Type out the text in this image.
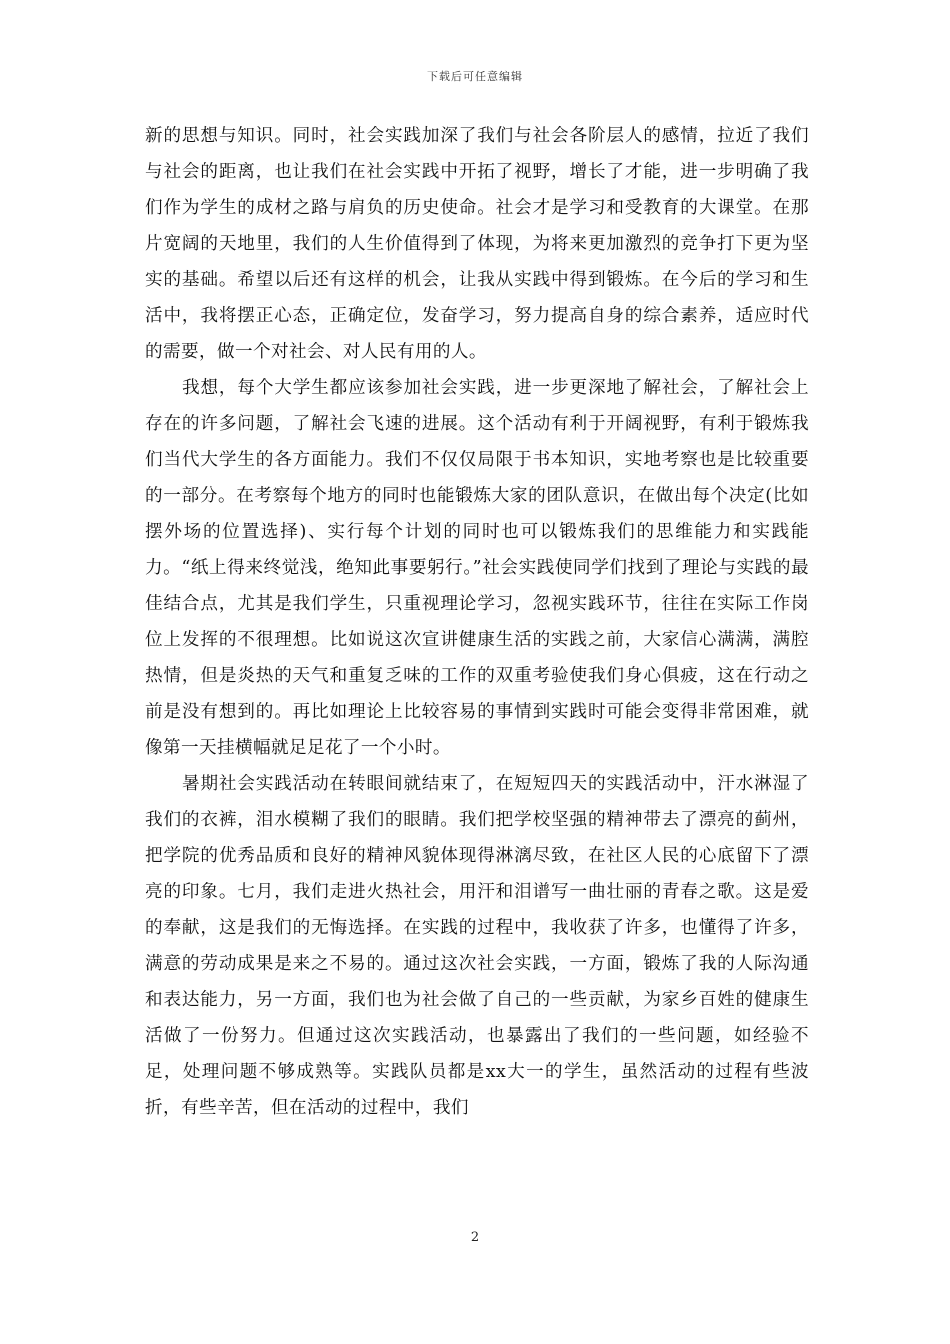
下载后可任意编辑

新的思想与知识。同时，社会实践加深了我们与社会各阶层人的感情，拉近了我们与社会的距离，也让我们在社会实践中开拓了视野，增长了才能，进一步明确了我们作为学生的成材之路与肩负的历史使命。社会才是学习和受教育的大课堂。在那片宽阔的天地里，我们的人生价值得到了体现，为将来更加激烈的竞争打下更为坚实的基础。希望以后还有这样的机会，让我从实践中得到锻炼。在今后的学习和生活中，我将摆正心态，正确定位，发奋学习，努力提高自身的综合素养，适应时代的需要，做一个对社会、对人民有用的人。

我想，每个大学生都应该参加社会实践，进一步更深地了解社会，了解社会上存在的许多问题，了解社会飞速的进展。这个活动有利于开阔视野，有利于锻炼我们当代大学生的各方面能力。我们不仅仅局限于书本知识，实地考察也是比较重要的一部分。在考察每个地方的同时也能锻炼大家的团队意识，在做出每个决定(比如摆外场的位置选择)、实行每个计划的同时也可以锻炼我们的思维能力和实践能力。“纸上得来终觉浅，绝知此事要躬行。”社会实践使同学们找到了理论与实践的最佳结合点，尤其是我们学生，只重视理论学习，忽视实践环节，往往在实际工作岗位上发挥的不很理想。比如说这次宣讲健康生活的实践之前，大家信心满满，满腔热情，但是炎热的天气和重复乏味的工作的双重考验使我们身心俱疲，这在行动之前是没有想到的。再比如理论上比较容易的事情到实践时可能会变得非常困难，就像第一天挂横幅就足足花了一个小时。

暑期社会实践活动在转眼间就结束了，在短短四天的实践活动中，汗水淋湿了我们的衣裤，泪水模糊了我们的眼睛。我们把学校坚强的精神带去了漂亮的蓟州，把学院的优秀品质和良好的精神风貌体现得淋漓尽致，在社区人民的心底留下了漂亮的印象。七月，我们走进火热社会，用汗和泪谱写一曲壮丽的青春之歌。这是爱的奉献，这是我们的无悔选择。在实践的过程中，我收获了许多，也懂得了许多，满意的劳动成果是来之不易的。通过这次社会实践，一方面，锻炼了我的人际沟通和表达能力，另一方面，我们也为社会做了自己的一些贡献，为家乡百姓的健康生活做了一份努力。但通过这次实践活动，也暴露出了我们的一些问题，如经验不足，处理问题不够成熟等。实践队员都是xx大一的学生，虽然活动的过程有些波折，有些辛苦，但在活动的过程中，我们

2
